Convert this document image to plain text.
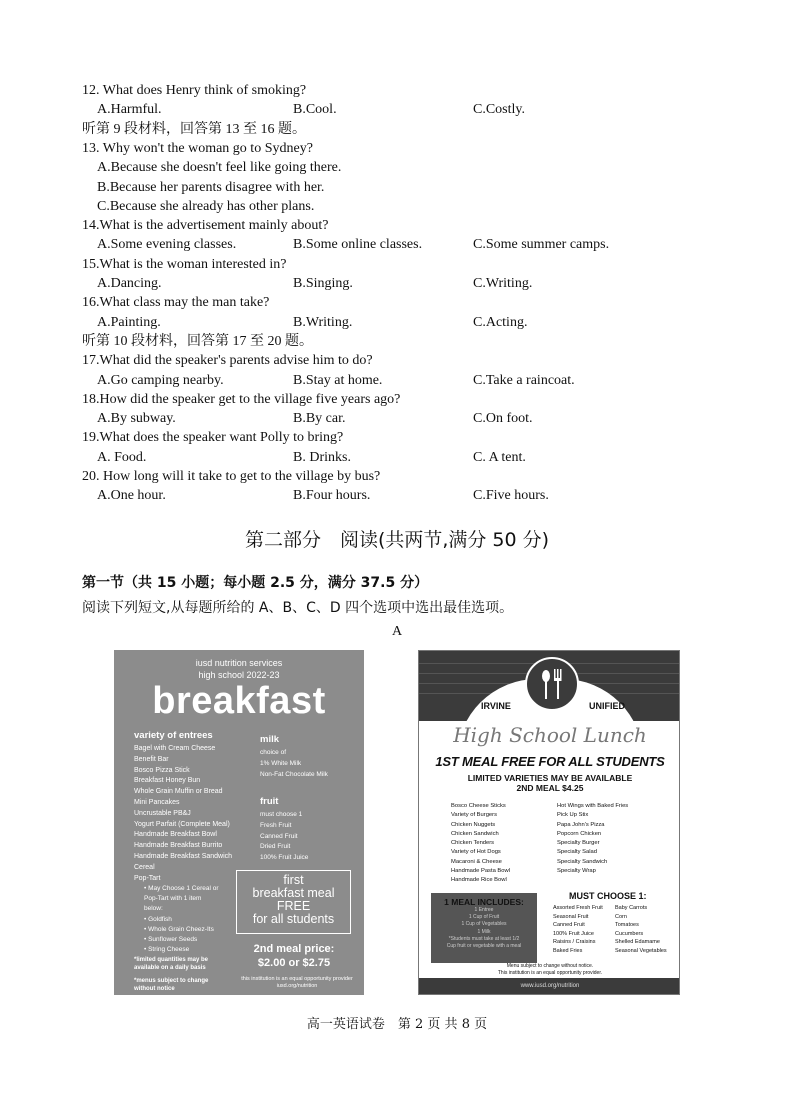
12. What does Henry think of smoking?
A.Harmful.	B.Cool.	C.Costly.
听第 9 段材料，回答第 13 至 16 题。
13. Why won't the woman go to Sydney?
A.Because she doesn't feel like going there.
B.Because her parents disagree with her.
C.Because she already has other plans.
14.What is the advertisement mainly about?
A.Some evening classes.	B.Some online classes.	C.Some summer camps.
15.What is the woman interested in?
A.Dancing.	B.Singing.	C.Writing.
16.What class may the man take?
A.Painting.	B.Writing.	C.Acting.
听第 10 段材料，回答第 17 至 20 题。
17.What did the speaker's parents advise him to do?
A.Go camping nearby.	B.Stay at home.	C.Take a raincoat.
18.How did the speaker get to the village five years ago?
A.By subway.	B.By car.	C.On foot.
19.What does the speaker want Polly to bring?
A. Food.	B. Drinks.	C. A tent.
20. How long will it take to get to the village by bus?
A.One hour.	B.Four hours.	C.Five hours.
第二部分　阅读(共两节,满分 50 分)
第一节（共 15 小题；每小题 2.5 分，满分 37.5 分）
阅读下列短文,从每题所给的 A、B、C、D 四个选项中选出最佳选项。
A
iusd nutrition services
high school 2022-23
breakfast
variety of entrees
Bagel with Cream Cheese
Benefit Bar
Bosco Pizza Stick
Breakfast Honey Bun
Whole Grain Muffin or Bread
Mini Pancakes
Uncrustable PB&J
Yogurt Parfait (Complete Meal)
Handmade Breakfast Bowl
Handmade Breakfast Burrito
Handmade Breakfast Sandwich
Cereal
Pop-Tart
• May Choose 1 Cereal or
Pop-Tart with 1 item
below:
• Goldfish
• Whole Grain Cheez-Its
• Sunflower Seeds
• String Cheese
*limited quantities may be available on a daily basis
*menus subject to change without notice
milk
choice of
1% White Milk
Non-Fat Chocolate Milk
fruit
must choose 1
Fresh Fruit
Canned Fruit
Dried Fruit
100% Fruit Juice
first
breakfast meal
FREE
for all students
2nd meal price:
$2.00 or $2.75
this institution is an equal opportunity provider
iusd.org/nutrition
IRVINE	UNIFIED
High School Lunch
1ST MEAL FREE FOR ALL STUDENTS
LIMITED VARIETIES MAY BE AVAILABLE
2ND MEAL $4.25
Bosco Cheese Sticks
Variety of Burgers
Chicken Nuggets
Chicken Sandwich
Chicken Tenders
Variety of Hot Dogs
Macaroni & Cheese
Handmade Pasta Bowl
Handmade Rice Bowl
Hot Wings with Baked Fries
Pick Up Stix
Papa John's Pizza
Popcorn Chicken
Specialty Burger
Specialty Salad
Specialty Sandwich
Specialty Wrap
1 MEAL INCLUDES:
1 Entree
1 Cup of Fruit
1 Cup of Vegetables
1 Milk
*Students must take at least 1/2
Cup fruit or vegetable with a meal
MUST CHOOSE 1:
Assorted Fresh Fruit
Seasonal Fruit
Canned Fruit
100% Fruit Juice
Raisins / Craisins
Baked Fries
Baby Carrots
Corn
Tomatoes
Cucumbers
Shelled Edamame
Seasonal Vegetables
Menu subject to change without notice.
This institution is an equal opportunity provider.
www.iusd.org/nutrition
高一英语试卷　第 2 页 共 8 页
